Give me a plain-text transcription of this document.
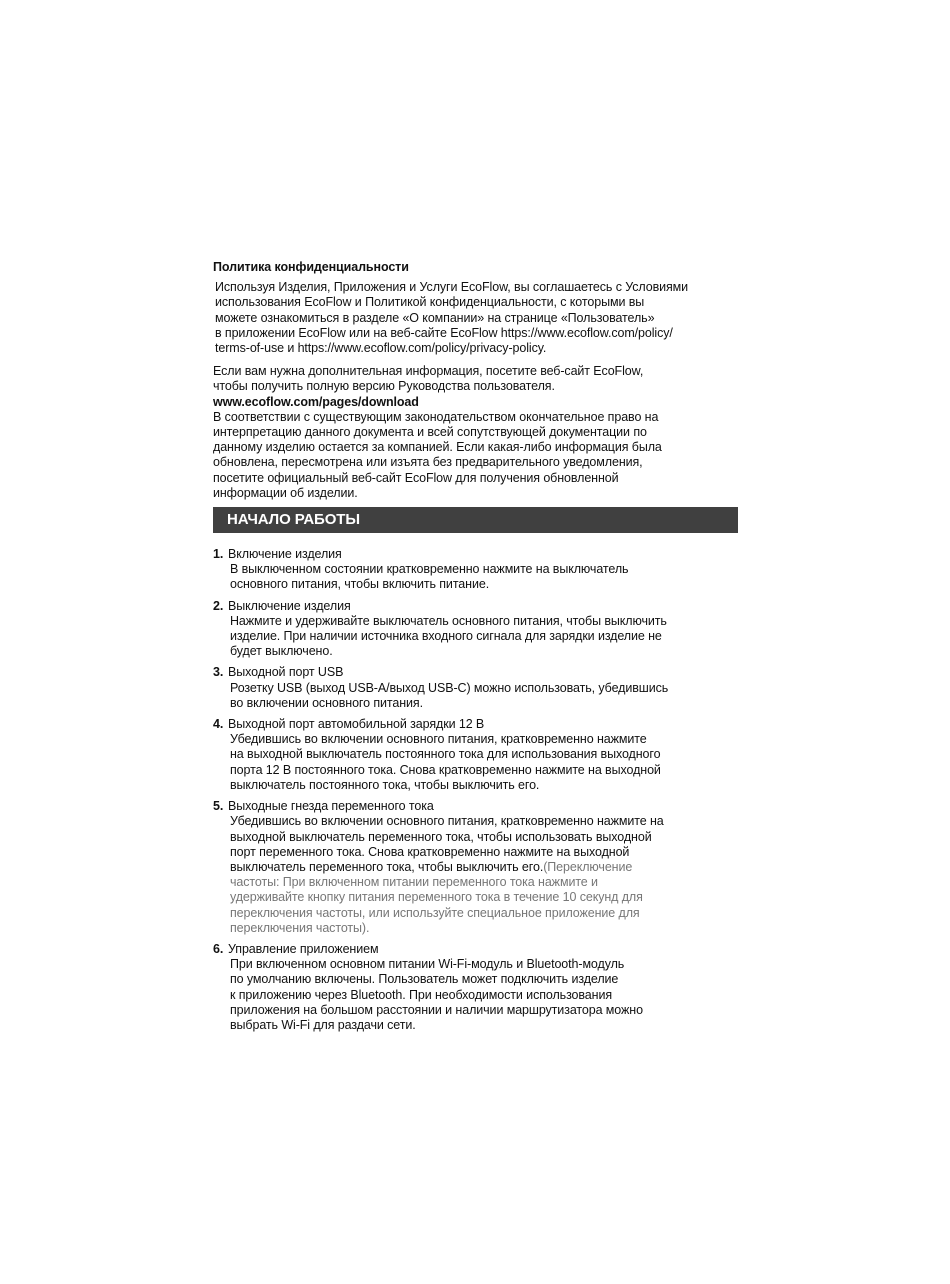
Политика конфиденциальности

Используя Изделия, Приложения и Услуги EcoFlow, вы соглашаетесь с Условиями
использования EcoFlow и Политикой конфиденциальности, с которыми вы
можете ознакомиться в разделе «О компании» на странице «Пользователь»
в приложении EcoFlow или на веб-сайте EcoFlow https://www.ecoflow.com/policy/
terms-of-use и https://www.ecoflow.com/policy/privacy-policy.

Если вам нужна дополнительная информация, посетите веб-сайт EcoFlow,
чтобы получить полную версию Руководства пользователя.
www.ecoflow.com/pages/download

В соответствии с существующим законодательством окончательное право на
интерпретацию данного документа и всей сопутствующей документации по
данному изделию остается за компанией. Если какая-либо информация была
обновлена, пересмотрена или изъята без предварительного уведомления,
посетите официальный веб-сайт EcoFlow для получения обновленной
информации об изделии.

НАЧАЛО РАБОТЫ

1. Включение изделия

В выключенном состоянии кратковременно нажмите на выключатель
основного питания, чтобы включить питание.

2. Выключение изделия

Нажмите и удерживайте выключатель основного питания, чтобы выключить
изделие. При наличии источника входного сигнала для зарядки изделие не
будет выключено.

3. Выходной порт USB

Розетку USB (выход USB-A/выход USB-C) можно использовать, убедившись
во включении основного питания.

4. Выходной порт автомобильной зарядки 12 В

Убедившись во включении основного питания, кратковременно нажмите
на выходной выключатель постоянного тока для использования выходного
порта 12 В постоянного тока. Снова кратковременно нажмите на выходной
выключатель постоянного тока, чтобы выключить его.

5. Выходные гнезда переменного тока

Убедившись во включении основного питания, кратковременно нажмите на
выходной выключатель переменного тока, чтобы использовать выходной
порт переменного тока. Снова кратковременно нажмите на выходной
выключатель переменного тока, чтобы выключить его.(Переключение
частоты: При включенном питании переменного тока нажмите и
удерживайте кнопку питания переменного тока в течение 10 секунд для
переключения частоты, или используйте специальное приложение для
переключения частоты).

6. Управление приложением

При включенном основном питании Wi-Fi-модуль и Bluetooth-модуль
по умолчанию включены. Пользователь может подключить изделие
к приложению через Bluetooth. При необходимости использования
приложения на большом расстоянии и наличии маршрутизатора можно
выбрать Wi-Fi для раздачи сети.
